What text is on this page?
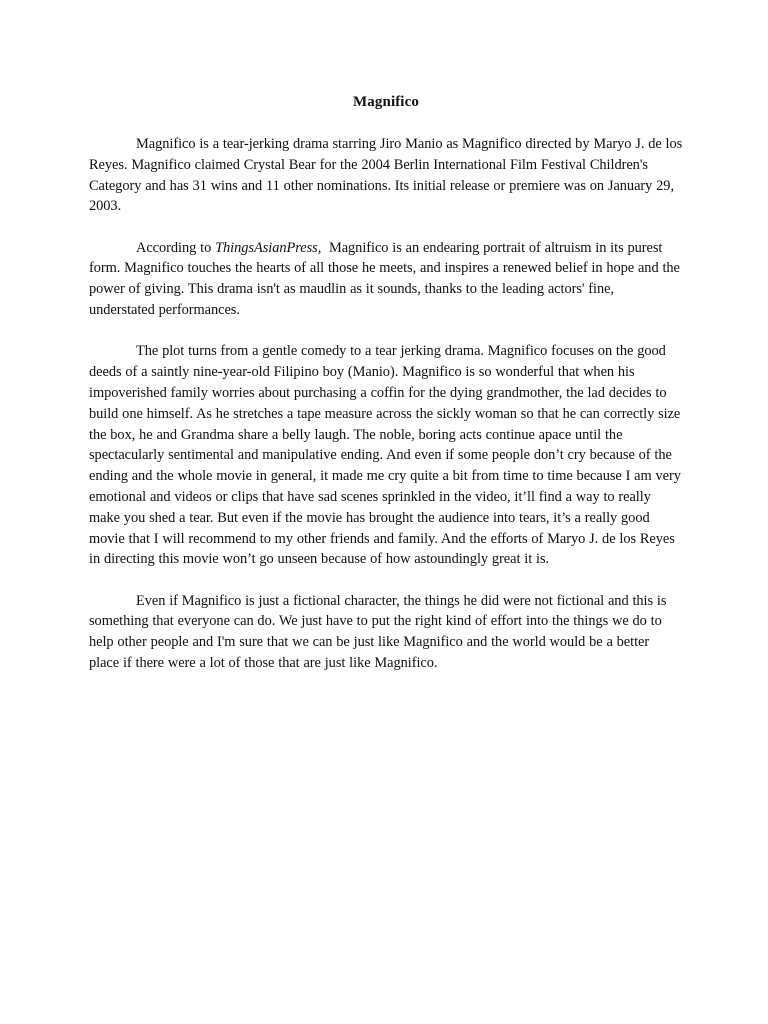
Magnifico

Magnifico is a tear-jerking drama starring Jiro Manio as Magnifico directed by Maryo J. de los Reyes. Magnifico claimed Crystal Bear for the 2004 Berlin International Film Festival Children's Category and has 31 wins and 11 other nominations. Its initial release or premiere was on January 29, 2003.

According to ThingsAsianPress,  Magnifico is an endearing portrait of altruism in its purest form. Magnifico touches the hearts of all those he meets, and inspires a renewed belief in hope and the power of giving. This drama isn't as maudlin as it sounds, thanks to the leading actors' fine, understated performances.

The plot turns from a gentle comedy to a tear jerking drama. Magnifico focuses on the good deeds of a saintly nine-year-old Filipino boy (Manio). Magnifico is so wonderful that when his impoverished family worries about purchasing a coffin for the dying grandmother, the lad decides to build one himself. As he stretches a tape measure across the sickly woman so that he can correctly size the box, he and Grandma share a belly laugh. The noble, boring acts continue apace until the spectacularly sentimental and manipulative ending. And even if some people don’t cry because of the ending and the whole movie in general, it made me cry quite a bit from time to time because I am very emotional and videos or clips that have sad scenes sprinkled in the video, it’ll find a way to really make you shed a tear. But even if the movie has brought the audience into tears, it’s a really good movie that I will recommend to my other friends and family. And the efforts of Maryo J. de los Reyes in directing this movie won’t go unseen because of how astoundingly great it is.

Even if Magnifico is just a fictional character, the things he did were not fictional and this is something that everyone can do. We just have to put the right kind of effort into the things we do to help other people and I'm sure that we can be just like Magnifico and the world would be a better place if there were a lot of those that are just like Magnifico.
